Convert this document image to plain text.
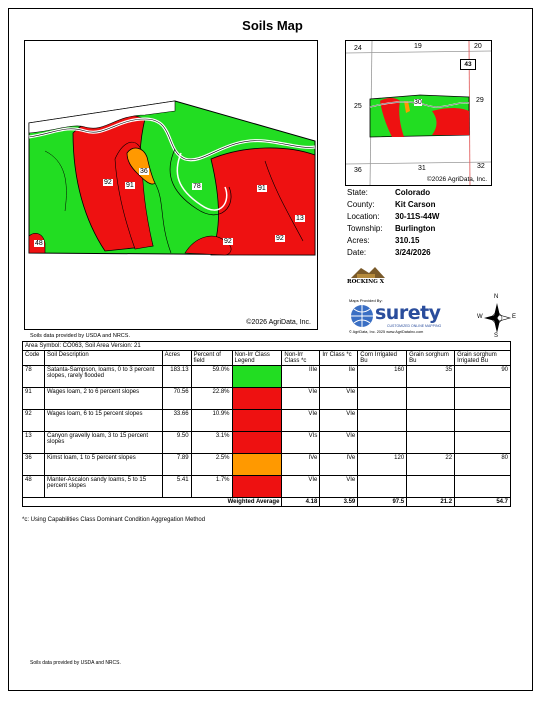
Soils Map
92 91
36
78	91
13
92	92
48
©2026 AgriData, Inc.
Soils data provided by USDA and NRCS.
24	19	20
25
30	29
36	31	32
43
©2026 AgriData, Inc.
State:	Colorado
County:	Kit Carson
Location:	30-11S-44W
Township:	Burlington
Acres:	310.15
Date:	3/24/2026
ROCKING X
Maps Provided By:
surety
CUSTOMIZED ONLINE MAPPING
© AgriData, Inc. 2025 www.AgriDataInc.com
N
S
W	E
Area Symbol: CO063, Soil Area Version: 21									
Code	Soil Description	Acres	Percent of field	Non-Irr Class Legend	Non-Irr Class *c	Irr Class *c	Corn Irrigated Bu	Grain sorghum Bu	Grain sorghum Irrigated Bu
78	Satanta-Sampson, loams, 0 to 3 percent slopes, rarely flooded	183.13	59.0%		IIIe	IIe	160	35	90
91	Wages loam, 2 to 6 percent slopes	70.56	22.8%		VIe	VIe			
92	Wages loam, 6 to 15 percent slopes	33.66	10.9%		VIe	VIe			
13	Canyon gravelly loam, 3 to 15 percent slopes	9.50	3.1%		VIs	VIe			
36	Kimst loam, 1 to 5 percent slopes	7.89	2.5%		IVe	IVe	120	22	80
48	Manter-Ascalon sandy loams, 5 to 15 percent slopes	5.41	1.7%		VIe	VIe			
Weighted Average					4.18	3.59	97.5	21.2	54.7
*c: Using Capabilities Class Dominant Condition Aggregation Method
Soils data provided by USDA and NRCS.
